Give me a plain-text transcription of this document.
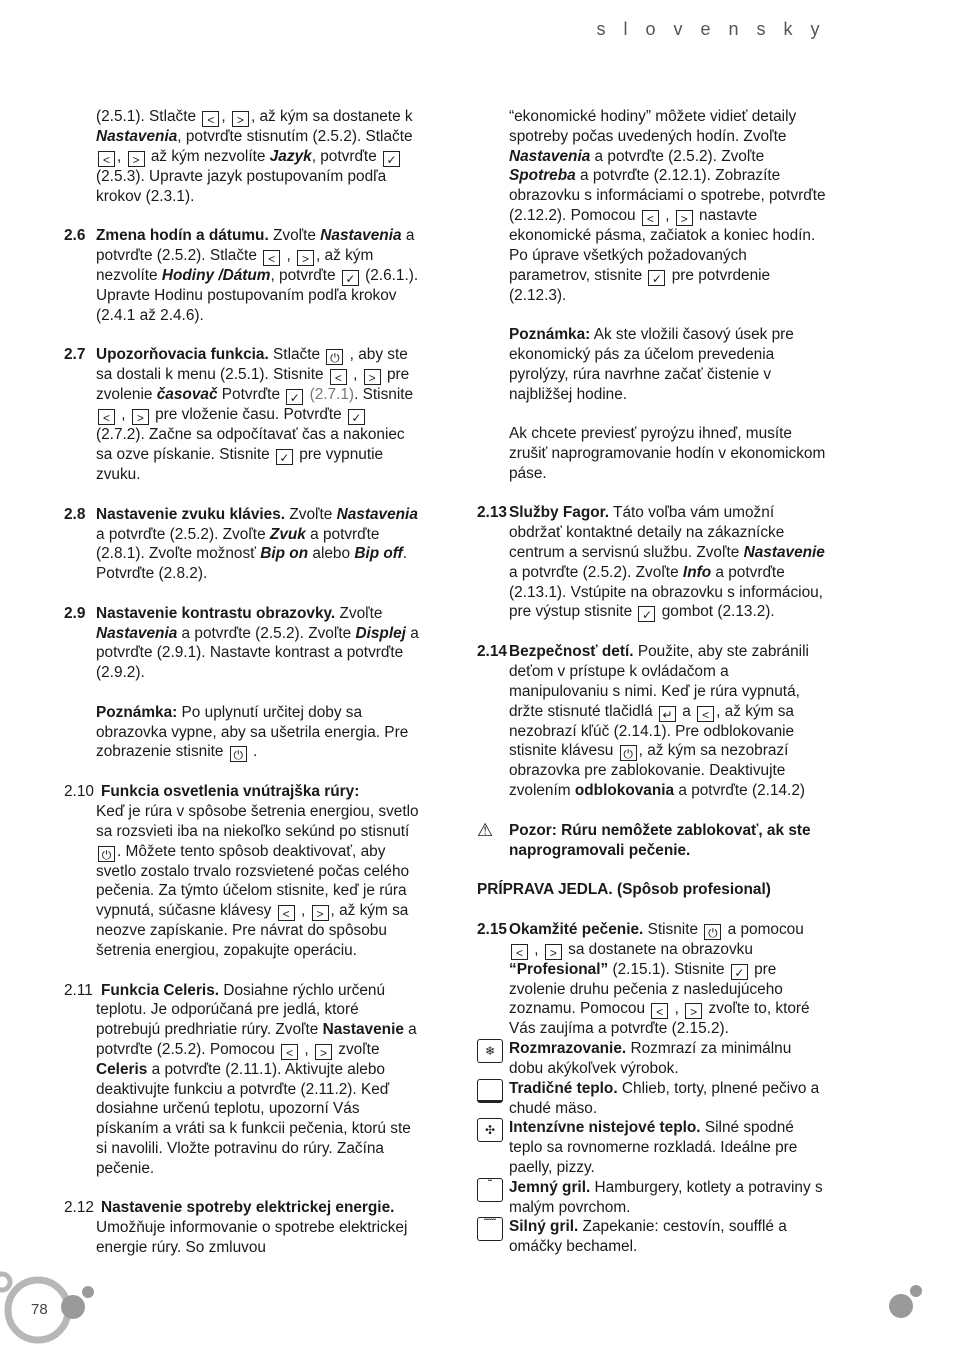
s l o v e n s k y
(2.5.1). Stlačte < , > , až kým sa dostanete k Nastavenia, potvrďte stisnutím (2.5.2). Stlačte < , > až kým nezvolíte Jazyk, potvrďte ✓ (2.5.3). Upravte jazyk postupovaním podľa krokov (2.3.1).
2.6 Zmena hodín a dátumu. Zvoľte Nastavenia a potvrďte (2.5.2). Stlačte < , > , až kým nezvolíte Hodiny /Dátum, potvrďte ✓ (2.6.1.). Upravte Hodinu postupovaním podľa krokov (2.4.1 až 2.4.6).
2.7 Upozorňovacia funkcia. Stlačte ⏻ , aby ste sa dostali k menu (2.5.1). Stisnite < , > pre zvolenie časovač Potvrďte ✓ (2.7.1). Stisnite < , > pre vloženie času. Potvrďte ✓ (2.7.2). Začne sa odpočítavať čas a nakoniec sa ozve pískanie. Stisnite ✓ pre vypnutie zvuku.
2.8 Nastavenie zvuku klávies. Zvoľte Nastavenia a potvrďte (2.5.2). Zvoľte Zvuk a potvrďte (2.8.1). Zvoľte možnosť Bip on alebo Bip off. Potvrďte (2.8.2).
2.9 Nastavenie kontrastu obrazovky. Zvoľte Nastavenia a potvrďte (2.5.2). Zvoľte Displej a potvrďte (2.9.1). Nastavte kontrast a potvrďte (2.9.2).
Poznámka: Po uplynutí určitej doby sa obrazovka vypne, aby sa ušetrila energia. Pre zobrazenie stisnite ⏻ .
2.10 Funkcia osvetlenia vnútrajška rúry:
Keď je rúra v spôsobe šetrenia energiou, svetlo sa rozsvieti iba na niekoľko sekúnd po stisnutí ⏻ . Môžete tento spôsob deaktivovať, aby svetlo zostalo trvalo rozsvietené počas celého pečenia. Za týmto účelom stisnite, keď je rúra vypnutá, súčasne klávesy < , > , až kým sa neozve zapískanie. Pre návrat do spôsobu šetrenia energiou, zopakujte operáciu.
2.11 Funkcia Celeris. Dosiahne rýchlo určenú teplotu. Je odporúčaná pre jedlá, ktoré potrebujú predhriatie rúry. Zvoľte Nastavenie a potvrďte (2.5.2). Pomocou < , > zvoľte Celeris a potvrďte (2.11.1). Aktivujte alebo deaktivujte funkciu a potvrďte (2.11.2). Keď dosiahne určenú teplotu, upozorní Vás pískaním a vráti sa k funkcii pečenia, ktorú ste si navolili. Vložte potravinu do rúry. Začína pečenie.
2.12 Nastavenie spotreby elektrickej energie.
Umožňuje informovanie o spotrebe elektrickej energie rúry. So zmluvou
“ekonomické hodiny” môžete vidieť detaily spotreby počas uvedených hodín. Zvoľte Nastavenia a potvrďte (2.5.2). Zvoľte Spotreba a potvrďte (2.12.1). Zobrazíte obrazovku s informáciami o spotrebe, potvrďte (2.12.2). Pomocou < , > nastavte ekonomické pásma, začiatok a koniec hodín. Po úprave všetkých požadovaných parametrov, stisnite ✓ pre potvrdenie (2.12.3).
Poznámka: Ak ste vložili časový úsek pre ekonomický pás za účelom prevedenia pyrolýzy, rúra navrhne začať čistenie v najbližšej hodine.
Ak chcete previesť pyroýzu ihneď, musíte zrušiť naprogramovanie hodín v ekonomickom páse.
2.13 Služby Fagor. Táto voľba vám umožní obdržať kontaktné detaily na zákaznícke centrum a servisnú službu. Zvoľte Nastavenie a potvrďte (2.5.2). Zvoľte Info a potvrďte (2.13.1). Vstúpite na obrazovku s informáciou, pre výstup stisnite ✓ gombot (2.13.2).
2.14 Bezpečnosť detí. Použite, aby ste zabránili deťom v prístupe k ovládačom a manipulovaniu s nimi. Keď je rúra vypnutá, držte stisnuté tlačidlá ↵ a < , až kým sa nezobrazí kľúč (2.14.1). Pre odblokovanie stisnite klávesu ⏻ , až kým sa nezobrazí obrazovka pre zablokovanie. Deaktivujte zvolením odblokovania a potvrďte (2.14.2)
⚠ Pozor: Rúru nemôžete zablokovať, ak ste naprogramovali pečenie.
PRÍPRAVA JEDLA. (Spôsob profesional)
2.15 Okamžité pečenie. Stisnite ⏻ a pomocou < , > sa dostanete na obrazovku “Profesional” (2.15.1). Stisnite ✓ pre zvolenie druhu pečenia z nasledujúceho zoznamu. Pomocou < , > zvoľte to, ktoré Vás zaujíma a potvrďte (2.15.2).
❄ Rozmrazovanie. Rozmrazí za minimálnu dobu akýkoľvek výrobok.
Tradičné teplo. Chlieb, torty, plnené pečivo a chudé mäso.
✣ Intenzívne nistejové teplo. Silné spodné teplo sa rovnomerne rozkladá. Ideálne pre paelly, pizzy.
˜	Jemný gril. Hamburgery, kotlety a potraviny s malým povrchom.
˜˜˜ Silný gril. Zapekanie: cestovín, soufflé a omáčky bechamel.
78
